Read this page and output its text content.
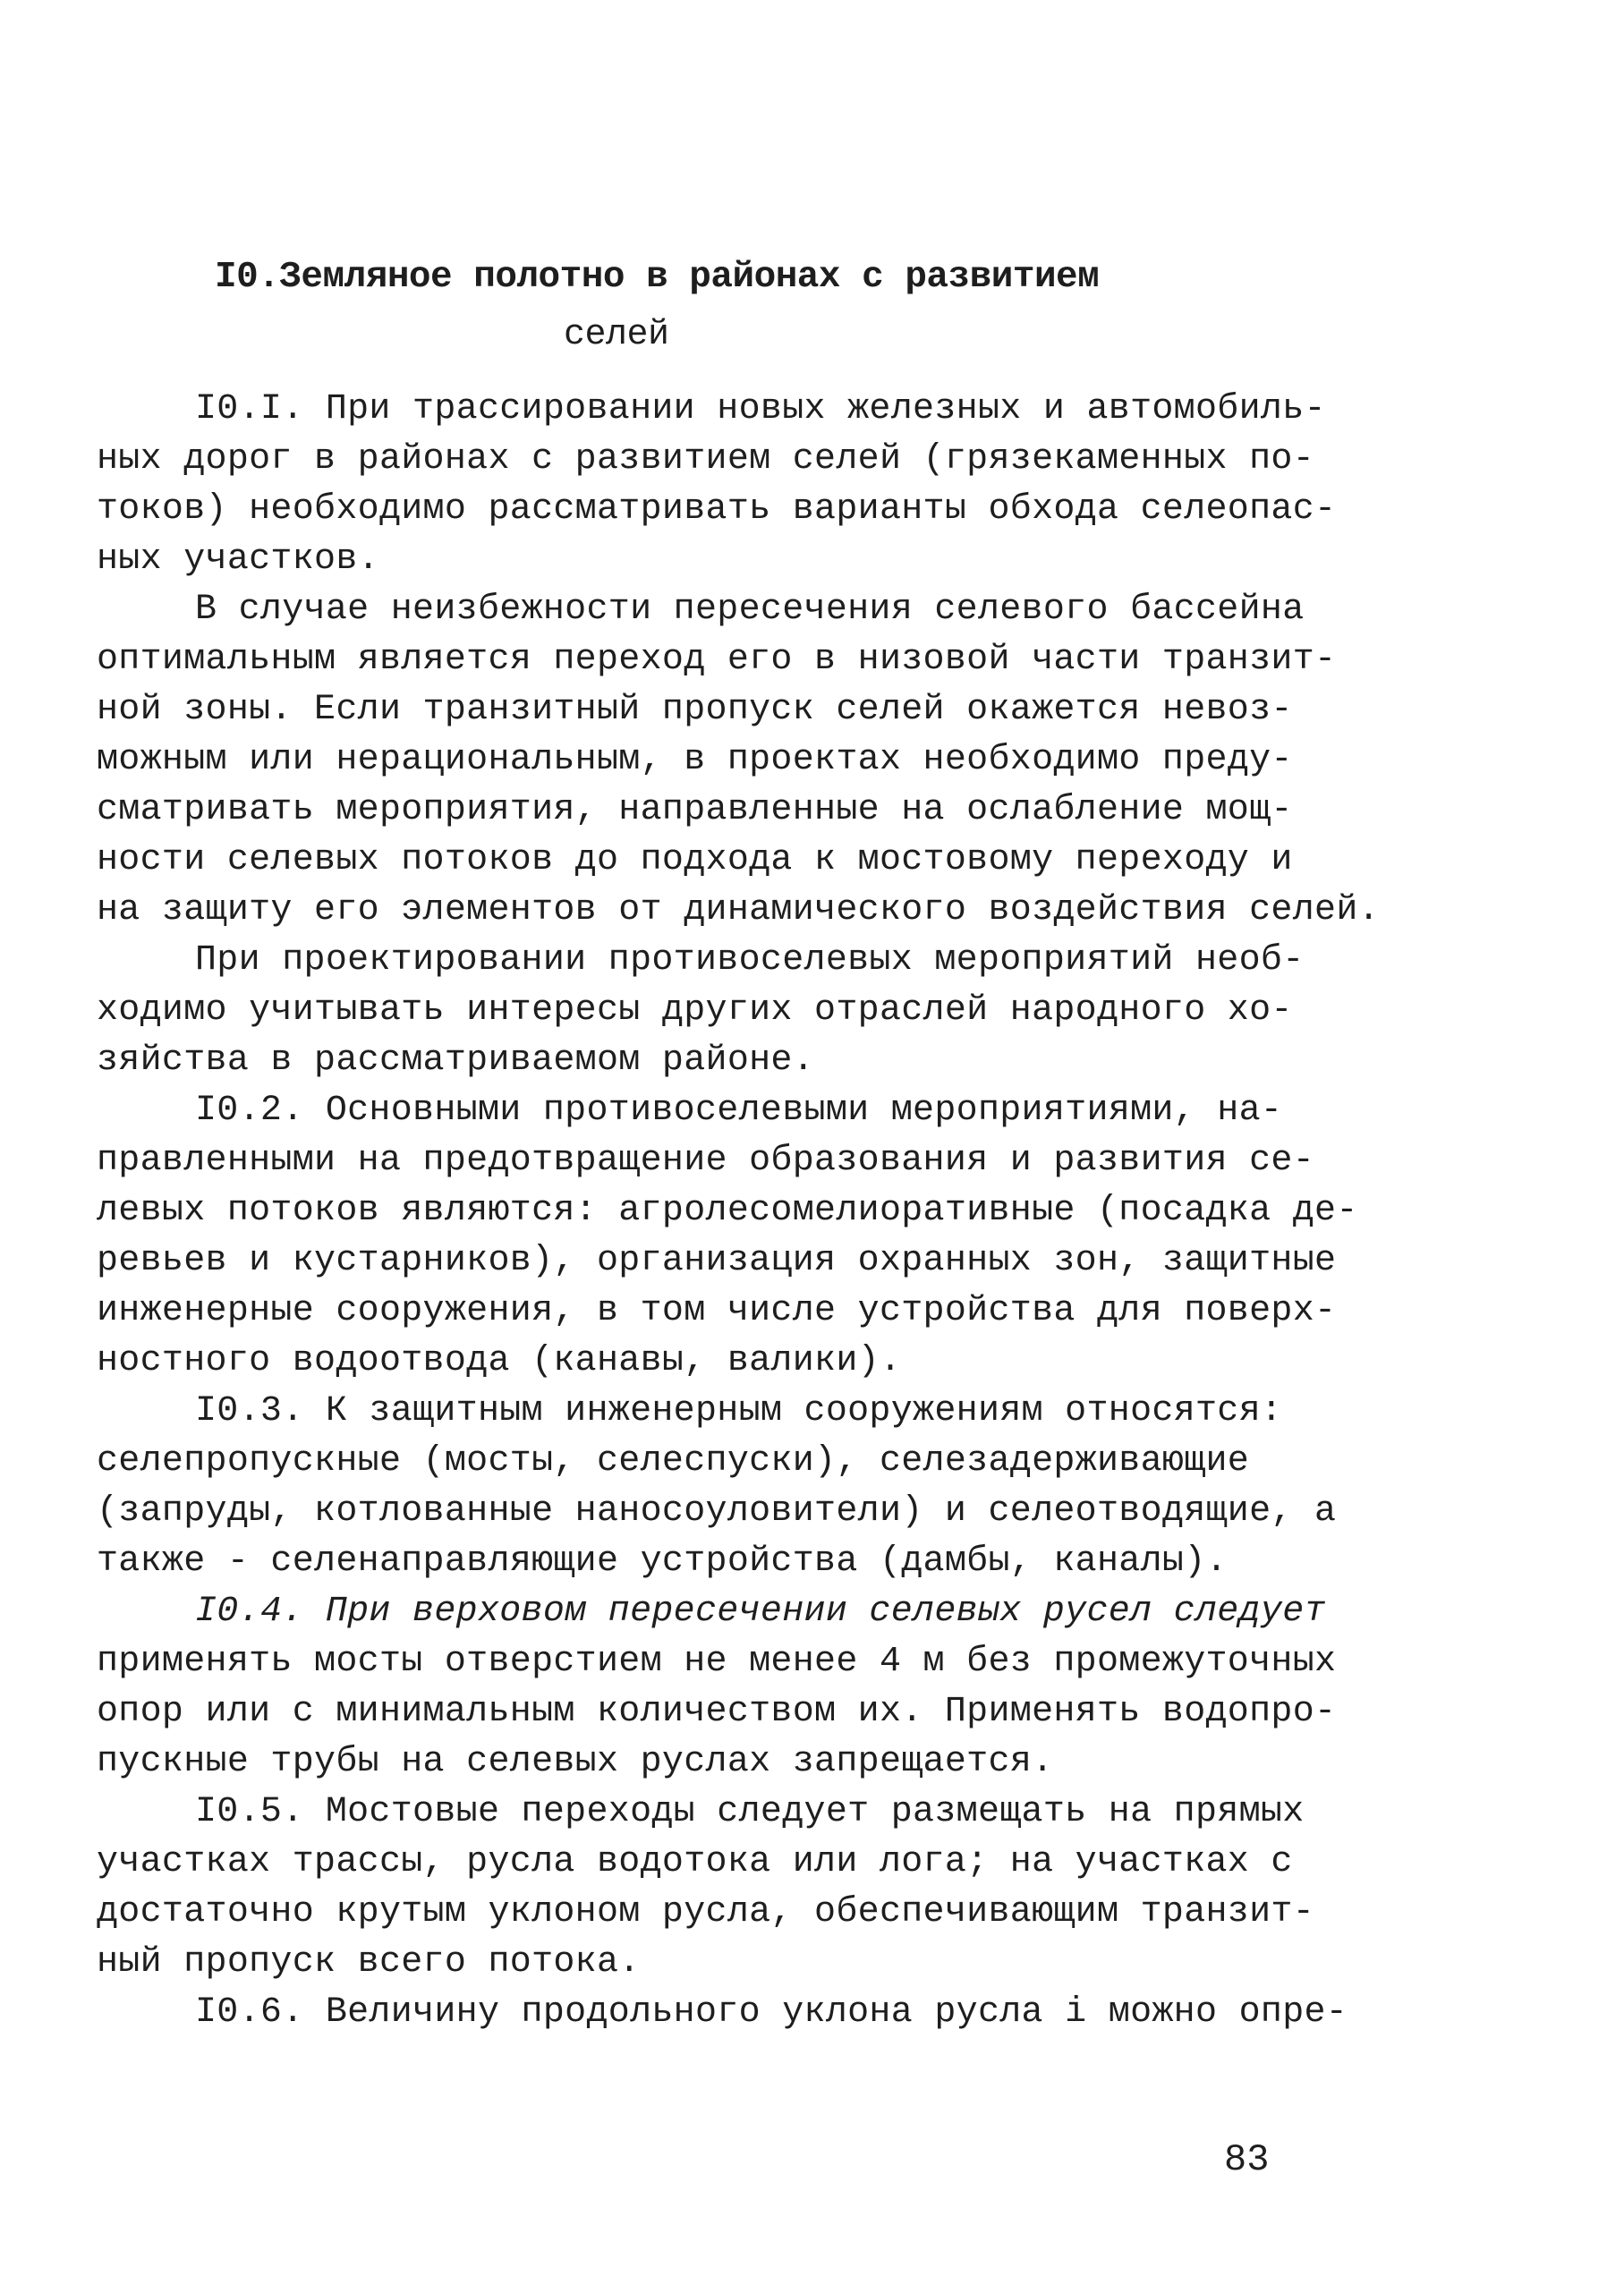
I0.Земляное полотно в районах с развитием
селей
I0.I. При трассировании новых железных и автомобиль-
ных дорог в районах с развитием селей (грязекаменных по-
токов) необходимо рассматривать варианты обхода селеопас-
ных участков.
В случае неизбежности пересечения селевого бассейна
оптимальным является переход его в низовой части транзит-
ной зоны. Если транзитный пропуск селей окажется невоз-
можным или нерациональным, в проектах необходимо преду-
сматривать мероприятия, направленные на ослабление мощ-
ности селевых потоков до подхода к мостовому переходу и
на защиту его элементов от динамического воздействия селей.
При проектировании противоселевых мероприятий необ-
ходимо учитывать интересы других отраслей народного хо-
зяйства в рассматриваемом районе.
I0.2. Основными противоселевыми мероприятиями, на-
правленными на предотвращение образования и развития се-
левых потоков являются: агролесомелиоративные (посадка де-
ревьев и кустарников), организация охранных зон, защитные
инженерные сооружения, в том числе устройства для поверх-
ностного водоотвода (канавы, валики).
I0.3. К защитным инженерным сооружениям относятся:
селепропускные (мосты, селеспуски), селезадерживающие
(запруды, котлованные наносоуловители) и селеотводящие, а
также - селенаправляющие устройства (дамбы, каналы).
I0.4. При верховом пересечении селевых русел следует
применять мосты отверстием не менее 4 м без промежуточных
опор или с минимальным количеством их. Применять водопро-
пускные трубы на селевых руслах запрещается.
I0.5. Мостовые переходы следует размещать на прямых
участках трассы, русла водотока или лога; на участках с
достаточно крутым уклоном русла, обеспечивающим транзит-
ный пропуск всего потока.
I0.6. Величину продольного уклона русла i можно опре-
83
